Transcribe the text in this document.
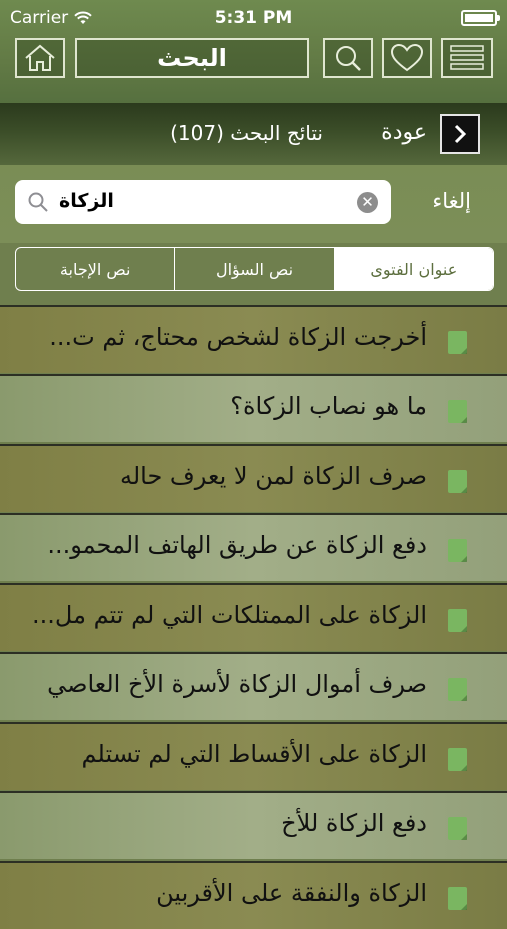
Carrier	5:31 PM
البحث
نتائج البحث (107)	عودة
الزكاة	✕	إلغاء
نص الإجابة	نص السؤال	عنوان الفتوى
أخرجت الزكاة لشخص محتاج، ثم ت...
ما هو نصاب الزكاة؟
صرف الزكاة لمن لا يعرف حاله
دفع الزكاة عن طريق الهاتف المحمو...
الزكاة على الممتلكات التي لم تتم مل...
صرف أموال الزكاة لأسرة الأخ العاصي
الزكاة على الأقساط التي لم تستلم
دفع الزكاة للأخ
الزكاة والنفقة على الأقربين
